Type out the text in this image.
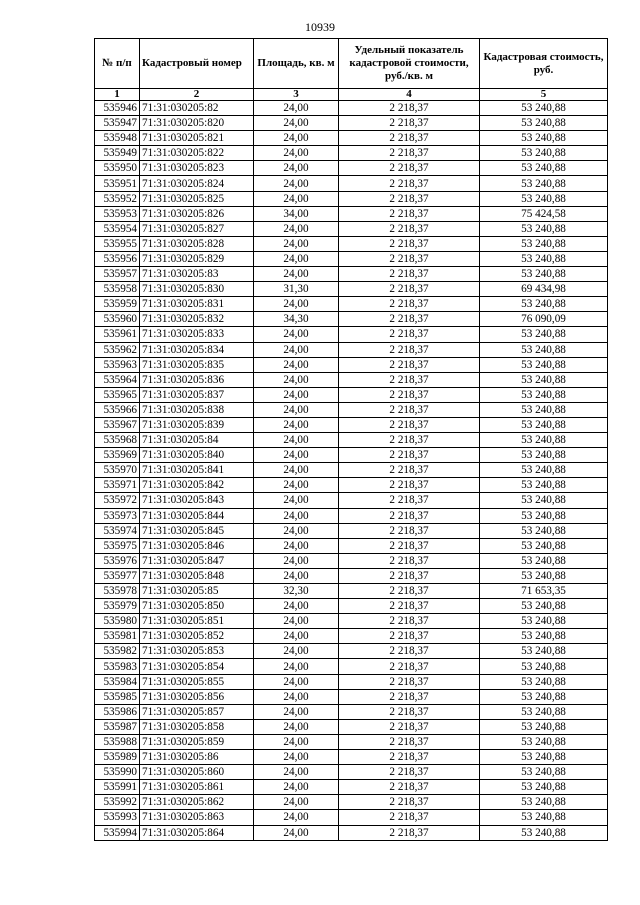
10939
№ п/п	Кадастровый номер	Площадь, кв. м	Удельный показатель кадастровой стоимости, руб./кв. м	Кадастровая стоимость, руб.
1	2	3	4	5
535946	71:31:030205:82	24,00	2 218,37	53 240,88
535947	71:31:030205:820	24,00	2 218,37	53 240,88
535948	71:31:030205:821	24,00	2 218,37	53 240,88
535949	71:31:030205:822	24,00	2 218,37	53 240,88
535950	71:31:030205:823	24,00	2 218,37	53 240,88
535951	71:31:030205:824	24,00	2 218,37	53 240,88
535952	71:31:030205:825	24,00	2 218,37	53 240,88
535953	71:31:030205:826	34,00	2 218,37	75 424,58
535954	71:31:030205:827	24,00	2 218,37	53 240,88
535955	71:31:030205:828	24,00	2 218,37	53 240,88
535956	71:31:030205:829	24,00	2 218,37	53 240,88
535957	71:31:030205:83	24,00	2 218,37	53 240,88
535958	71:31:030205:830	31,30	2 218,37	69 434,98
535959	71:31:030205:831	24,00	2 218,37	53 240,88
535960	71:31:030205:832	34,30	2 218,37	76 090,09
535961	71:31:030205:833	24,00	2 218,37	53 240,88
535962	71:31:030205:834	24,00	2 218,37	53 240,88
535963	71:31:030205:835	24,00	2 218,37	53 240,88
535964	71:31:030205:836	24,00	2 218,37	53 240,88
535965	71:31:030205:837	24,00	2 218,37	53 240,88
535966	71:31:030205:838	24,00	2 218,37	53 240,88
535967	71:31:030205:839	24,00	2 218,37	53 240,88
535968	71:31:030205:84	24,00	2 218,37	53 240,88
535969	71:31:030205:840	24,00	2 218,37	53 240,88
535970	71:31:030205:841	24,00	2 218,37	53 240,88
535971	71:31:030205:842	24,00	2 218,37	53 240,88
535972	71:31:030205:843	24,00	2 218,37	53 240,88
535973	71:31:030205:844	24,00	2 218,37	53 240,88
535974	71:31:030205:845	24,00	2 218,37	53 240,88
535975	71:31:030205:846	24,00	2 218,37	53 240,88
535976	71:31:030205:847	24,00	2 218,37	53 240,88
535977	71:31:030205:848	24,00	2 218,37	53 240,88
535978	71:31:030205:85	32,30	2 218,37	71 653,35
535979	71:31:030205:850	24,00	2 218,37	53 240,88
535980	71:31:030205:851	24,00	2 218,37	53 240,88
535981	71:31:030205:852	24,00	2 218,37	53 240,88
535982	71:31:030205:853	24,00	2 218,37	53 240,88
535983	71:31:030205:854	24,00	2 218,37	53 240,88
535984	71:31:030205:855	24,00	2 218,37	53 240,88
535985	71:31:030205:856	24,00	2 218,37	53 240,88
535986	71:31:030205:857	24,00	2 218,37	53 240,88
535987	71:31:030205:858	24,00	2 218,37	53 240,88
535988	71:31:030205:859	24,00	2 218,37	53 240,88
535989	71:31:030205:86	24,00	2 218,37	53 240,88
535990	71:31:030205:860	24,00	2 218,37	53 240,88
535991	71:31:030205:861	24,00	2 218,37	53 240,88
535992	71:31:030205:862	24,00	2 218,37	53 240,88
535993	71:31:030205:863	24,00	2 218,37	53 240,88
535994	71:31:030205:864	24,00	2 218,37	53 240,88
